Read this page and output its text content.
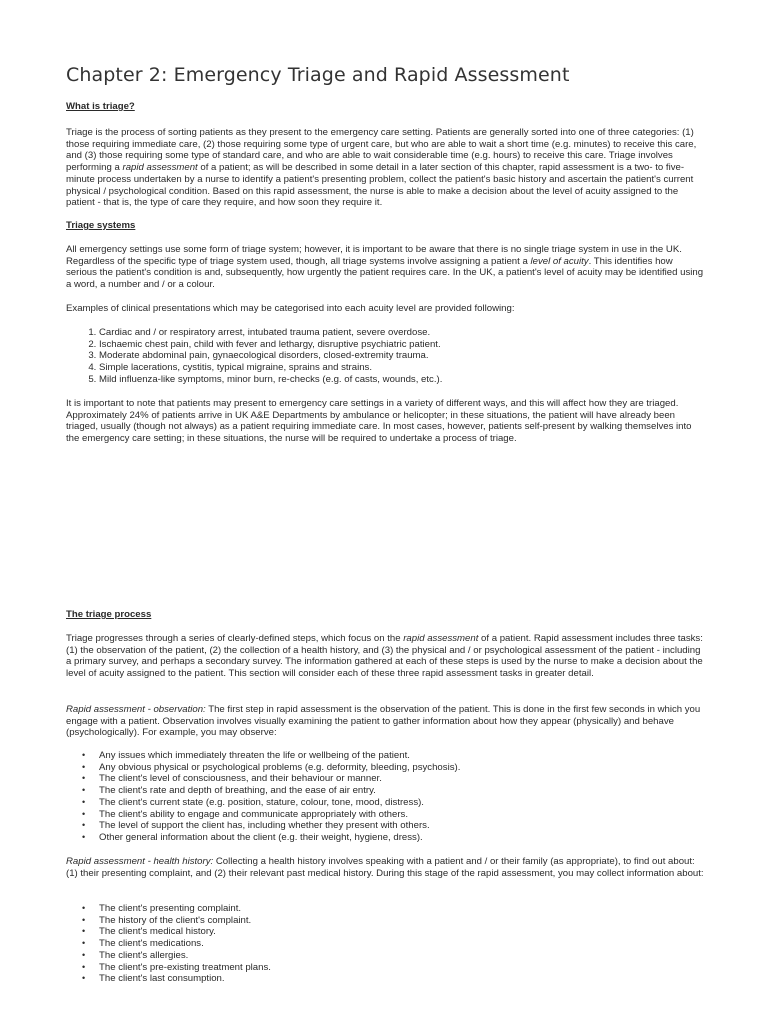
Chapter 2: Emergency Triage and Rapid Assessment

What is triage?

Triage is the process of sorting patients as they present to the emergency care setting. Patients are generally sorted into one of three categories: (1) those requiring immediate care, (2) those requiring some type of urgent care, but who are able to wait a short time (e.g. minutes) to receive this care, and (3) those requiring some type of standard care, and who are able to wait considerable time (e.g. hours) to receive this care. Triage involves performing a rapid assessment of a patient; as will be described in some detail in a later section of this chapter, rapid assessment is a two- to five-minute process undertaken by a nurse to identify a patient's presenting problem, collect the patient's basic history and ascertain the patient's current physical / psychological condition. Based on this rapid assessment, the nurse is able to make a decision about the level of acuity assigned to the patient - that is, the type of care they require, and how soon they require it.

Triage systems

All emergency settings use some form of triage system; however, it is important to be aware that there is no single triage system in use in the UK. Regardless of the specific type of triage system used, though, all triage systems involve assigning a patient a level of acuity. This identifies how serious the patient's condition is and, subsequently, how urgently the patient requires care. In the UK, a patient's level of acuity may be identified using a word, a number and / or a colour.

Examples of clinical presentations which may be categorised into each acuity level are provided following:

1. Cardiac and / or respiratory arrest, intubated trauma patient, severe overdose.
2. Ischaemic chest pain, child with fever and lethargy, disruptive psychiatric patient.
3. Moderate abdominal pain, gynaecological disorders, closed-extremity trauma.
4. Simple lacerations, cystitis, typical migraine, sprains and strains.
5. Mild influenza-like symptoms, minor burn, re-checks (e.g. of casts, wounds, etc.).

It is important to note that patients may present to emergency care settings in a variety of different ways, and this will affect how they are triaged. Approximately 24% of patients arrive in UK A&E Departments by ambulance or helicopter; in these situations, the patient will have already been triaged, usually (though not always) as a patient requiring immediate care. In most cases, however, patients self-present by walking themselves into the emergency care setting; in these situations, the nurse will be required to undertake a process of triage.

The triage process

Triage progresses through a series of clearly-defined steps, which focus on the rapid assessment of a patient. Rapid assessment includes three tasks: (1) the observation of the patient, (2) the collection of a health history, and (3) the physical and / or psychological assessment of the patient - including a primary survey, and perhaps a secondary survey. The information gathered at each of these steps is used by the nurse to make a decision about the level of acuity assigned to the patient. This section will consider each of these three rapid assessment tasks in greater detail.

Rapid assessment - observation: The first step in rapid assessment is the observation of the patient. This is done in the first few seconds in which you engage with a patient. Observation involves visually examining the patient to gather information about how they appear (physically) and behave (psychologically). For example, you may observe:

• Any issues which immediately threaten the life or wellbeing of the patient.
• Any obvious physical or psychological problems (e.g. deformity, bleeding, psychosis).
• The client's level of consciousness, and their behaviour or manner.
• The client's rate and depth of breathing, and the ease of air entry.
• The client's current state (e.g. position, stature, colour, tone, mood, distress).
• The client's ability to engage and communicate appropriately with others.
• The level of support the client has, including whether they present with others.
• Other general information about the client (e.g. their weight, hygiene, dress).

Rapid assessment - health history: Collecting a health history involves speaking with a patient and / or their family (as appropriate), to find out about: (1) their presenting complaint, and (2) their relevant past medical history. During this stage of the rapid assessment, you may collect information about:

• The client's presenting complaint.
• The history of the client's complaint.
• The client's medical history.
• The client's medications.
• The client's allergies.
• The client's pre-existing treatment plans.
• The client's last consumption.
